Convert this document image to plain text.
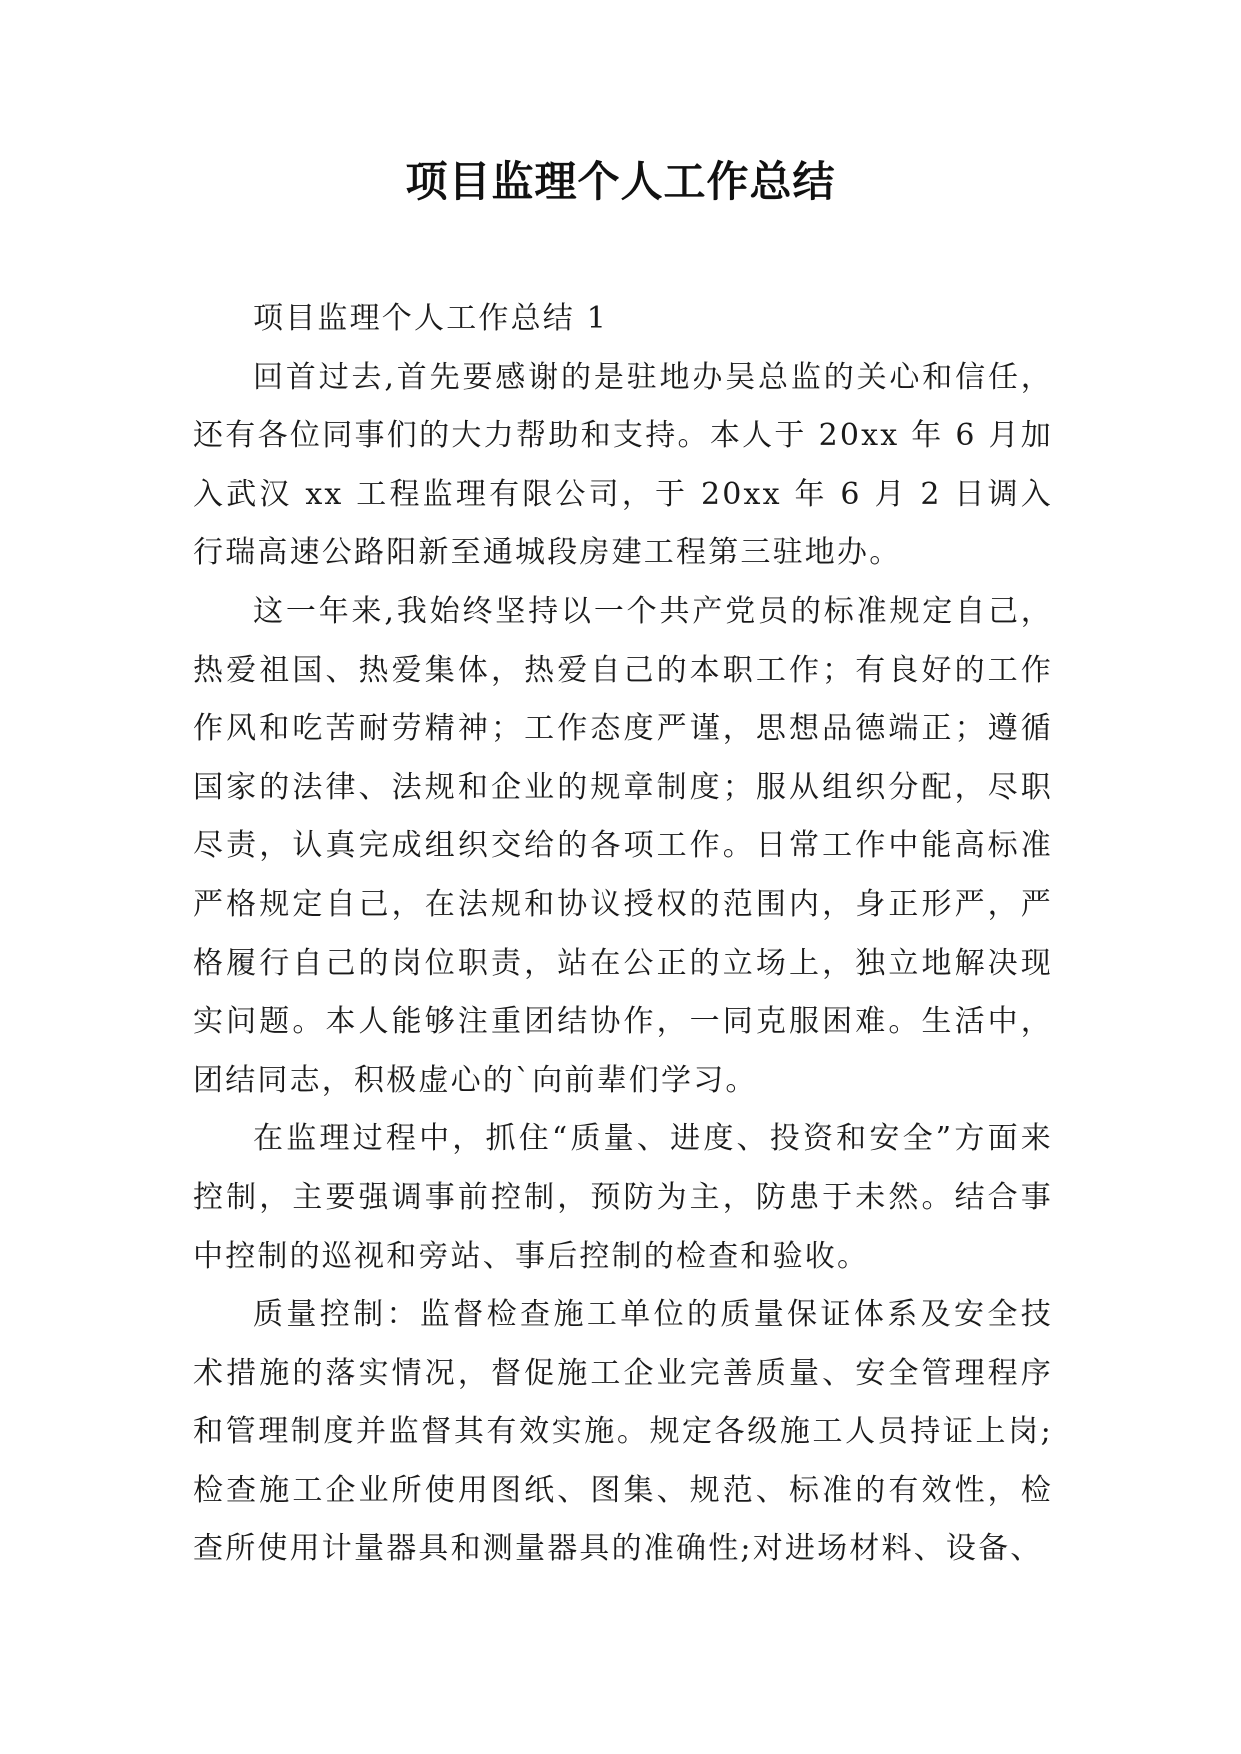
项目监理个人工作总结

项目监理个人工作总结 1

回首过去,首先要感谢的是驻地办吴总监的关心和信任，还有各位同事们的大力帮助和支持。本人于 20xx 年 6 月加入武汉 xx 工程监理有限公司，于 20xx 年 6 月 2 日调入行瑞高速公路阳新至通城段房建工程第三驻地办。

这一年来,我始终坚持以一个共产党员的标准规定自己，热爱祖国、热爱集体，热爱自己的本职工作；有良好的工作作风和吃苦耐劳精神；工作态度严谨，思想品德端正；遵循国家的法律、法规和企业的规章制度；服从组织分配，尽职尽责，认真完成组织交给的各项工作。日常工作中能高标准严格规定自己，在法规和协议授权的范围内，身正形严，严格履行自己的岗位职责，站在公正的立场上，独立地解决现实问题。本人能够注重团结协作，一同克服困难。生活中，团结同志，积极虚心的`向前辈们学习。

在监理过程中，抓住“质量、进度、投资和安全”方面来控制，主要强调事前控制，预防为主，防患于未然。结合事中控制的巡视和旁站、事后控制的检查和验收。

质量控制：监督检查施工单位的质量保证体系及安全技术措施的落实情况，督促施工企业完善质量、安全管理程序和管理制度并监督其有效实施。规定各级施工人员持证上岗;检查施工企业所使用图纸、图集、规范、标准的有效性，检查所使用计量器具和测量器具的准确性;对进场材料、设备、
